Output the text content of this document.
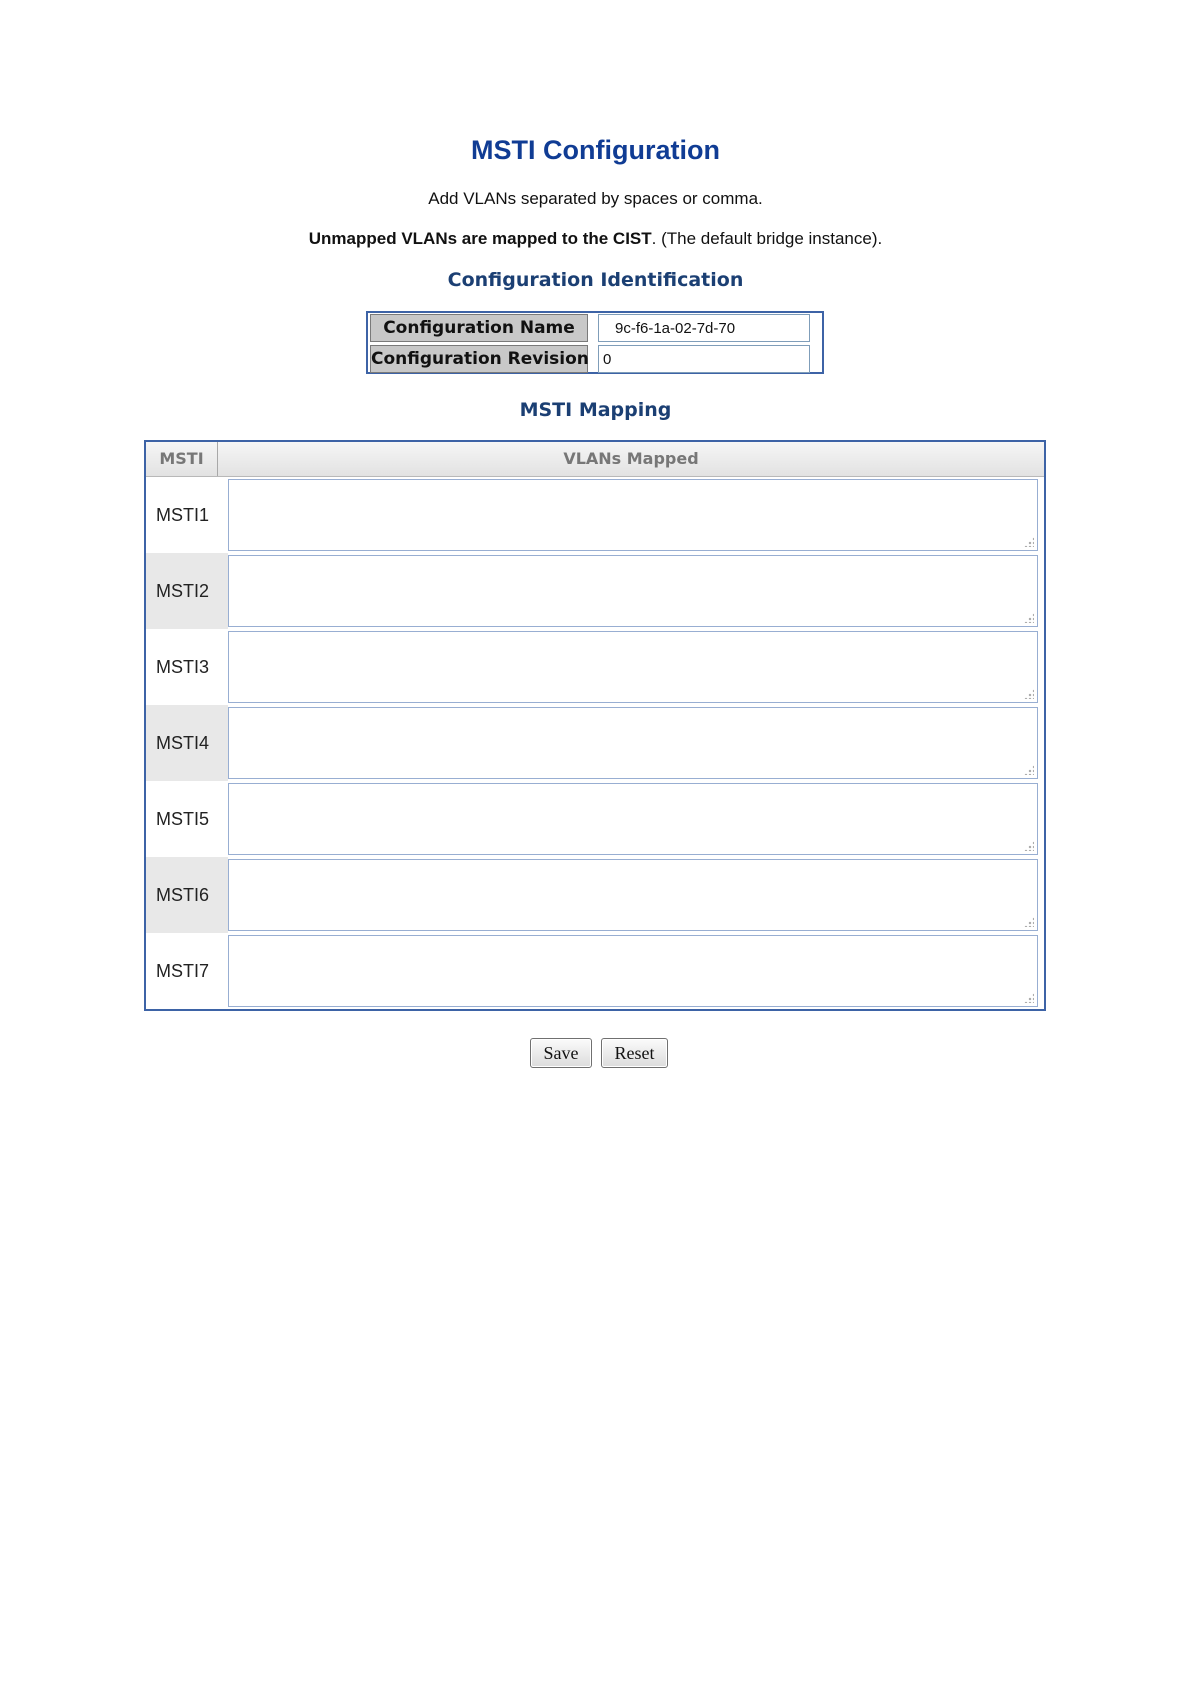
MSTI Configuration
Add VLANs separated by spaces or comma.
Unmapped VLANs are mapped to the CIST. (The default bridge instance).
Configuration Identification
Configuration Name
9c-f6-1a-02-7d-70
Configuration Revision
0
MSTI Mapping
MSTI	VLANs Mapped
MSTI1
MSTI2
MSTI3
MSTI4
MSTI5
MSTI6
MSTI7
Save	Reset
